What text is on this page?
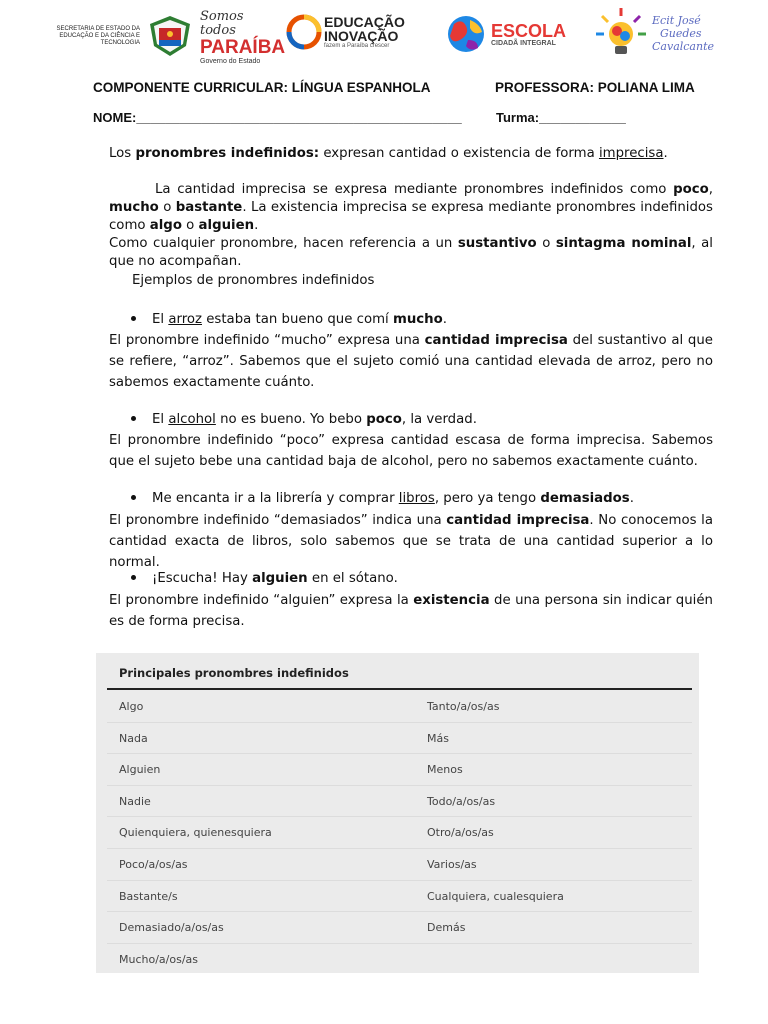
SECRETARIA DE ESTADO DA EDUCAÇÃO E DA CIÊNCIA E TECNOLOGIA
Somos todos
PARAÍBA
Governo do Estado
EDUCAÇÃO
INOVAÇÃO
fazem a Paraíba crescer
ESCOLA
CIDADÃ INTEGRAL
Ecit José
Guedes
Cavalcante
COMPONENTE CURRICULAR: LÍNGUA ESPANHOLA	PROFESSORA: POLIANA LIMA
NOME:_____________________________________________	Turma:____________
Los pronombres indefinidos: expresan cantidad o existencia de forma imprecisa.
La cantidad imprecisa se expresa mediante pronombres indefinidos como poco, mucho o bastante. La existencia imprecisa se expresa mediante pronombres indefinidos como algo o alguien.
Como cualquier pronombre, hacen referencia a un sustantivo o sintagma nominal, al que no acompañan.
Ejemplos de pronombres indefinidos
El arroz estaba tan bueno que comí mucho.
El pronombre indefinido “mucho” expresa una cantidad imprecisa del sustantivo al que se refiere, “arroz”. Sabemos que el sujeto comió una cantidad elevada de arroz, pero no sabemos exactamente cuánto.
El alcohol no es bueno. Yo bebo poco, la verdad.
El pronombre indefinido “poco” expresa cantidad escasa de forma imprecisa. Sabemos que el sujeto bebe una cantidad baja de alcohol, pero no sabemos exactamente cuánto.
Me encanta ir a la librería y comprar libros, pero ya tengo demasiados.
El pronombre indefinido “demasiados” indica una cantidad imprecisa. No conocemos la cantidad exacta de libros, solo sabemos que se trata de una cantidad superior a lo normal.
¡Escucha! Hay alguien en el sótano.
El pronombre indefinido “alguien” expresa la existencia de una persona sin indicar quién es de forma precisa.
Principales pronombres indefinidos
Algo	Tanto/a/os/as
Nada	Más
Alguien	Menos
Nadie	Todo/a/os/as
Quienquiera, quienesquiera	Otro/a/os/as
Poco/a/os/as	Varios/as
Bastante/s	Cualquiera, cualesquiera
Demasiado/a/os/as	Demás
Mucho/a/os/as
